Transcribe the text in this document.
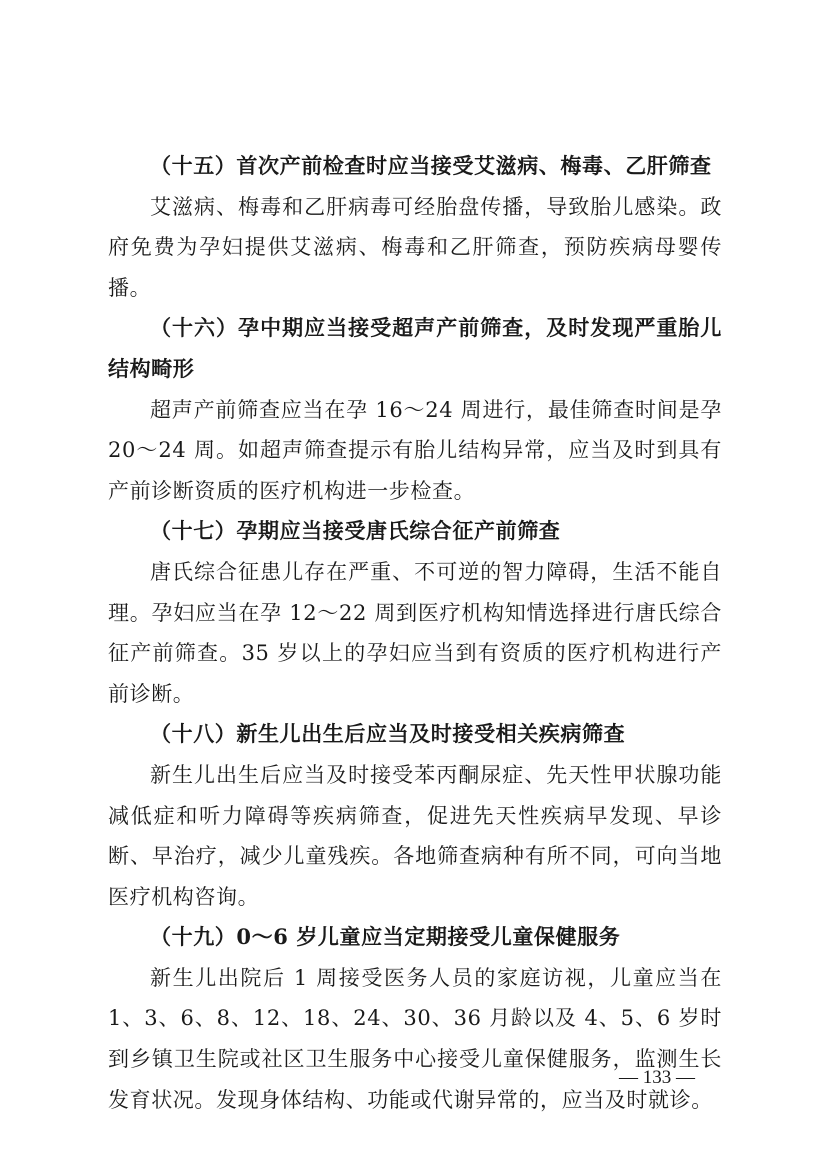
（十五）首次产前检查时应当接受艾滋病、梅毒、乙肝筛查

艾滋病、梅毒和乙肝病毒可经胎盘传播，导致胎儿感染。政府免费为孕妇提供艾滋病、梅毒和乙肝筛查，预防疾病母婴传播。

（十六）孕中期应当接受超声产前筛查，及时发现严重胎儿结构畸形

超声产前筛查应当在孕 16～24 周进行，最佳筛查时间是孕 20～24 周。如超声筛查提示有胎儿结构异常，应当及时到具有产前诊断资质的医疗机构进一步检查。

（十七）孕期应当接受唐氏综合征产前筛查

唐氏综合征患儿存在严重、不可逆的智力障碍，生活不能自理。孕妇应当在孕 12～22 周到医疗机构知情选择进行唐氏综合征产前筛查。35 岁以上的孕妇应当到有资质的医疗机构进行产前诊断。

（十八）新生儿出生后应当及时接受相关疾病筛查

新生儿出生后应当及时接受苯丙酮尿症、先天性甲状腺功能减低症和听力障碍等疾病筛查，促进先天性疾病早发现、早诊断、早治疗，减少儿童残疾。各地筛查病种有所不同，可向当地医疗机构咨询。

（十九）0～6 岁儿童应当定期接受儿童保健服务

新生儿出院后 1 周接受医务人员的家庭访视，儿童应当在 1、3、6、8、12、18、24、30、36 月龄以及 4、5、6 岁时到乡镇卫生院或社区卫生服务中心接受儿童保健服务，监测生长发育状况。发现身体结构、功能或代谢异常的，应当及时就诊。

— 133 —
